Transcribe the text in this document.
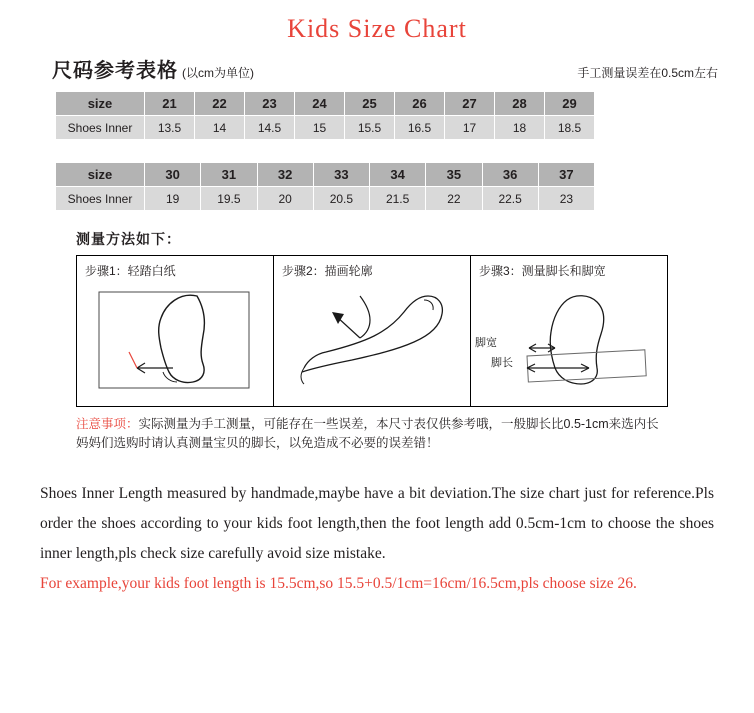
Kids Size Chart
尺码参考表格 (以cm为单位)	手工测量误差在0.5cm左右
size	21	22	23	24	25	26	27	28	29
Shoes Inner	13.5	14	14.5	15	15.5	16.5	17	18	18.5
size	30	31	32	33	34	35	36	37
Shoes Inner	19	19.5	20	20.5	21.5	22	22.5	23
测量方法如下：
步骤1：轻踏白纸	步骤2：描画轮廓	步骤3：测量脚长和脚宽
脚宽
脚长
注意事项：实际测量为手工测量，可能存在一些误差，本尺寸表仅供参考哦，一般脚长比0.5-1cm来选内长
妈妈们选购时请认真测量宝贝的脚长，以免造成不必要的误差错！
Shoes Inner Length measured by handmade,maybe have a bit deviation.The size chart just for reference.Pls order the shoes according to your kids foot length,then the foot length add 0.5cm-1cm to choose the shoes inner length,pls check size carefully avoid size mistake.
For example,your kids foot length is 15.5cm,so 15.5+0.5/1cm=16cm/16.5cm,pls choose size 26.
